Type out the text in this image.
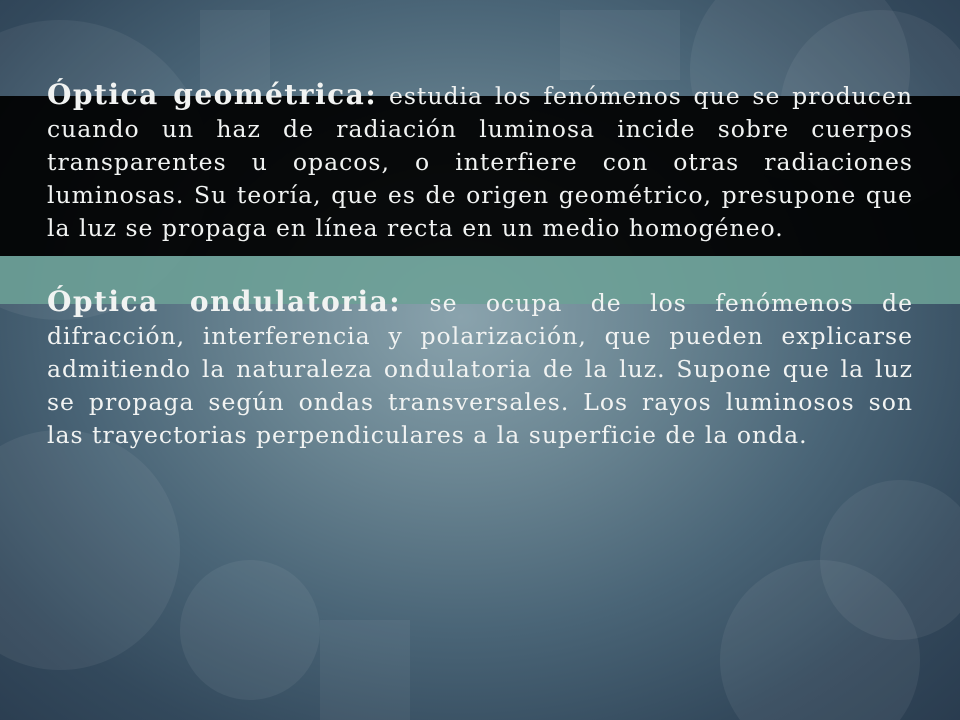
Óptica geométrica: estudia los fenómenos que se producen cuando un haz de radiación luminosa incide sobre cuerpos transparentes u opacos, o interfiere con otras radiaciones luminosas. Su teoría, que es de origen geométrico, presupone que la luz se propaga en línea recta en un medio homogéneo.

Óptica ondulatoria: se ocupa de los fenómenos de difracción, interferencia y polarización, que pueden explicarse admitiendo la naturaleza ondulatoria de la luz. Supone que la luz se propaga según ondas transversales. Los rayos luminosos son las trayectorias perpendiculares a la superficie de la onda.
